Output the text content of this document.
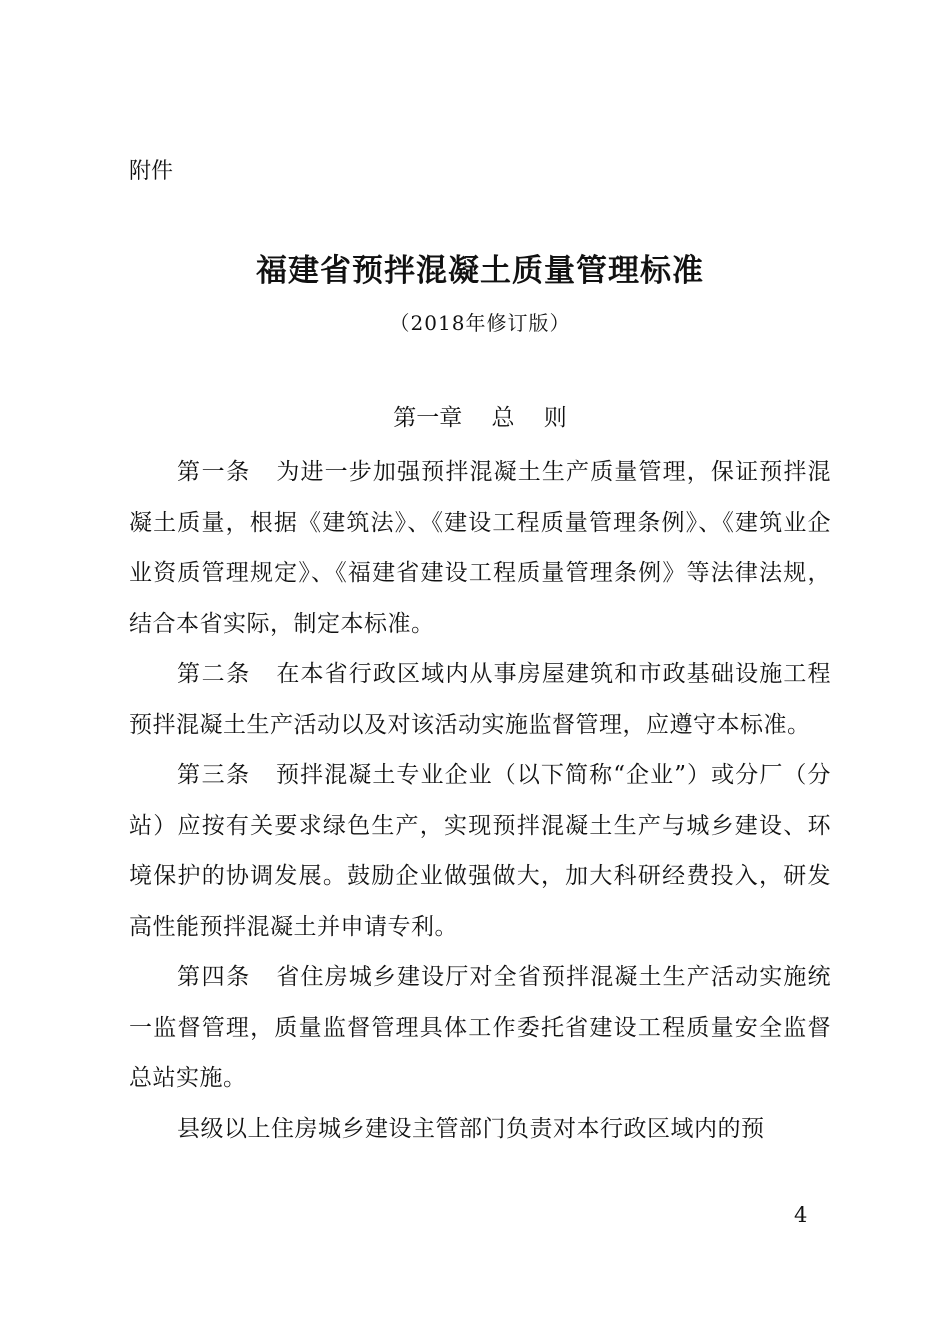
附件
福建省预拌混凝土质量管理标准
（2018年修订版）
第一章    总    则

第一条 为进一步加强预拌混凝土生产质量管理，保证预拌混凝土质量，根据《建筑法》、《建设工程质量管理条例》、《建筑业企业资质管理规定》、《福建省建设工程质量管理条例》等法律法规，结合本省实际，制定本标准。

第二条 在本省行政区域内从事房屋建筑和市政基础设施工程预拌混凝土生产活动以及对该活动实施监督管理，应遵守本标准。

第三条 预拌混凝土专业企业（以下简称“企业”）或分厂（分站）应按有关要求绿色生产，实现预拌混凝土生产与城乡建设、环境保护的协调发展。鼓励企业做强做大，加大科研经费投入，研发高性能预拌混凝土并申请专利。

第四条 省住房城乡建设厅对全省预拌混凝土生产活动实施统一监督管理，质量监督管理具体工作委托省建设工程质量安全监督总站实施。

县级以上住房城乡建设主管部门负责对本行政区域内的预

4
